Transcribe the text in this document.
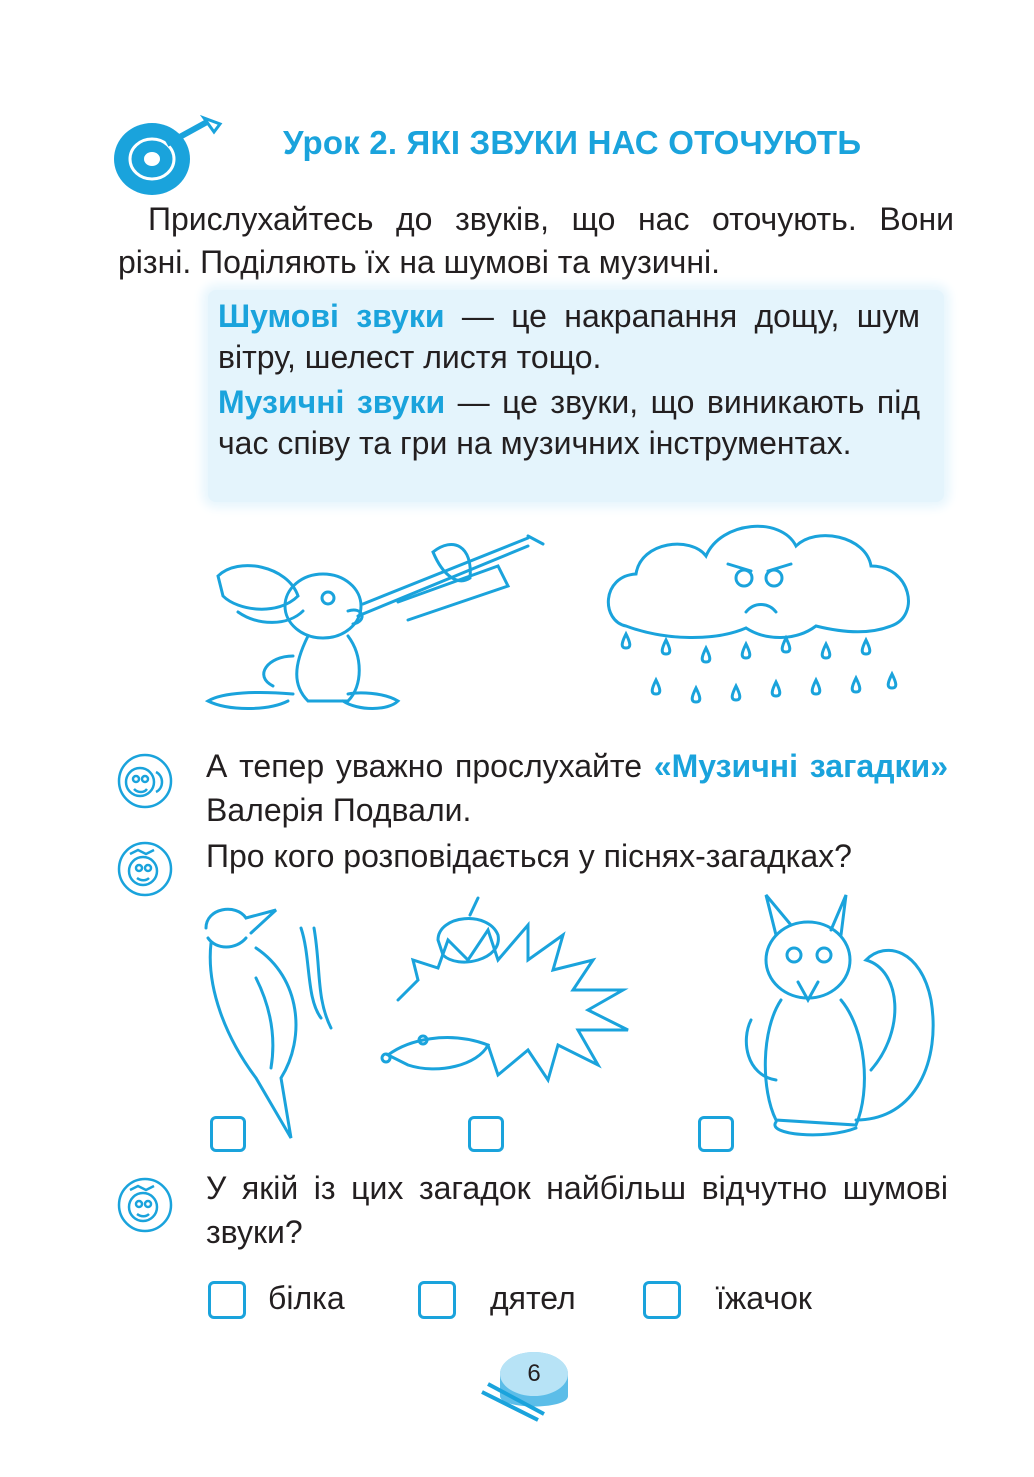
Урок 2. ЯКІ ЗВУКИ НАС ОТОЧУЮТЬ
Прислухайтесь до звуків, що нас оточують. Вони
різні. Поділяють їх на шумові та музичні.
Шумові звуки — це накрапання дощу, шум вітру, шелест листя тощо.
Музичні звуки — це звуки, що виникають під час співу та гри на музичних інструментах.
А тепер уважно прослухайте «Музичні загадки» Валерія Подвали.
Про кого розповідається у піснях-загадках?
У якій із цих загадок найбільш відчутно шумові звуки?
білка	дятел	їжачок
6
